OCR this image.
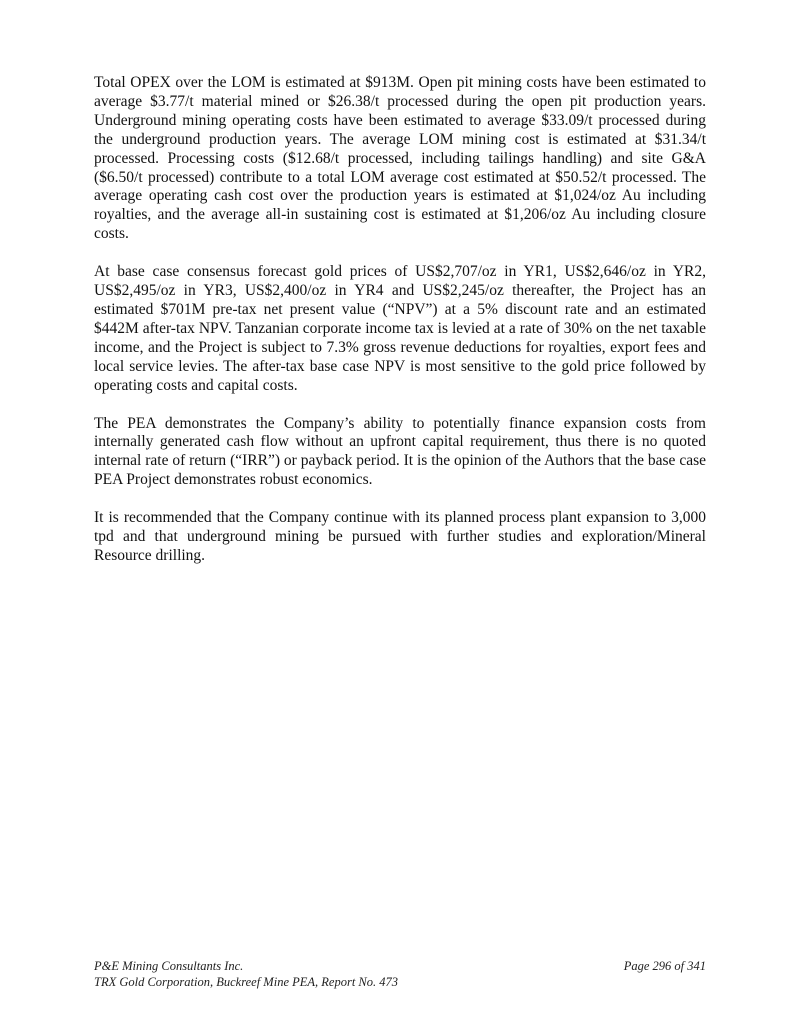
Total OPEX over the LOM is estimated at $913M. Open pit mining costs have been estimated to average $3.77/t material mined or $26.38/t processed during the open pit production years. Underground mining operating costs have been estimated to average $33.09/t processed during the underground production years. The average LOM mining cost is estimated at $31.34/t processed. Processing costs ($12.68/t processed, including tailings handling) and site G&A ($6.50/t processed) contribute to a total LOM average cost estimated at $50.52/t processed. The average operating cash cost over the production years is estimated at $1,024/oz Au including royalties, and the average all-in sustaining cost is estimated at $1,206/oz Au including closure costs.

At base case consensus forecast gold prices of US$2,707/oz in YR1, US$2,646/oz in YR2, US$2,495/oz in YR3, US$2,400/oz in YR4 and US$2,245/oz thereafter, the Project has an estimated $701M pre-tax net present value (“NPV”) at a 5% discount rate and an estimated $442M after-tax NPV. Tanzanian corporate income tax is levied at a rate of 30% on the net taxable income, and the Project is subject to 7.3% gross revenue deductions for royalties, export fees and local service levies. The after-tax base case NPV is most sensitive to the gold price followed by operating costs and capital costs.

The PEA demonstrates the Company’s ability to potentially finance expansion costs from internally generated cash flow without an upfront capital requirement, thus there is no quoted internal rate of return (“IRR”) or payback period. It is the opinion of the Authors that the base case PEA Project demonstrates robust economics.

It is recommended that the Company continue with its planned process plant expansion to 3,000 tpd and that underground mining be pursued with further studies and exploration/Mineral Resource drilling.

P&E Mining Consultants Inc.	Page 296 of 341
TRX Gold Corporation, Buckreef Mine PEA, Report No. 473
